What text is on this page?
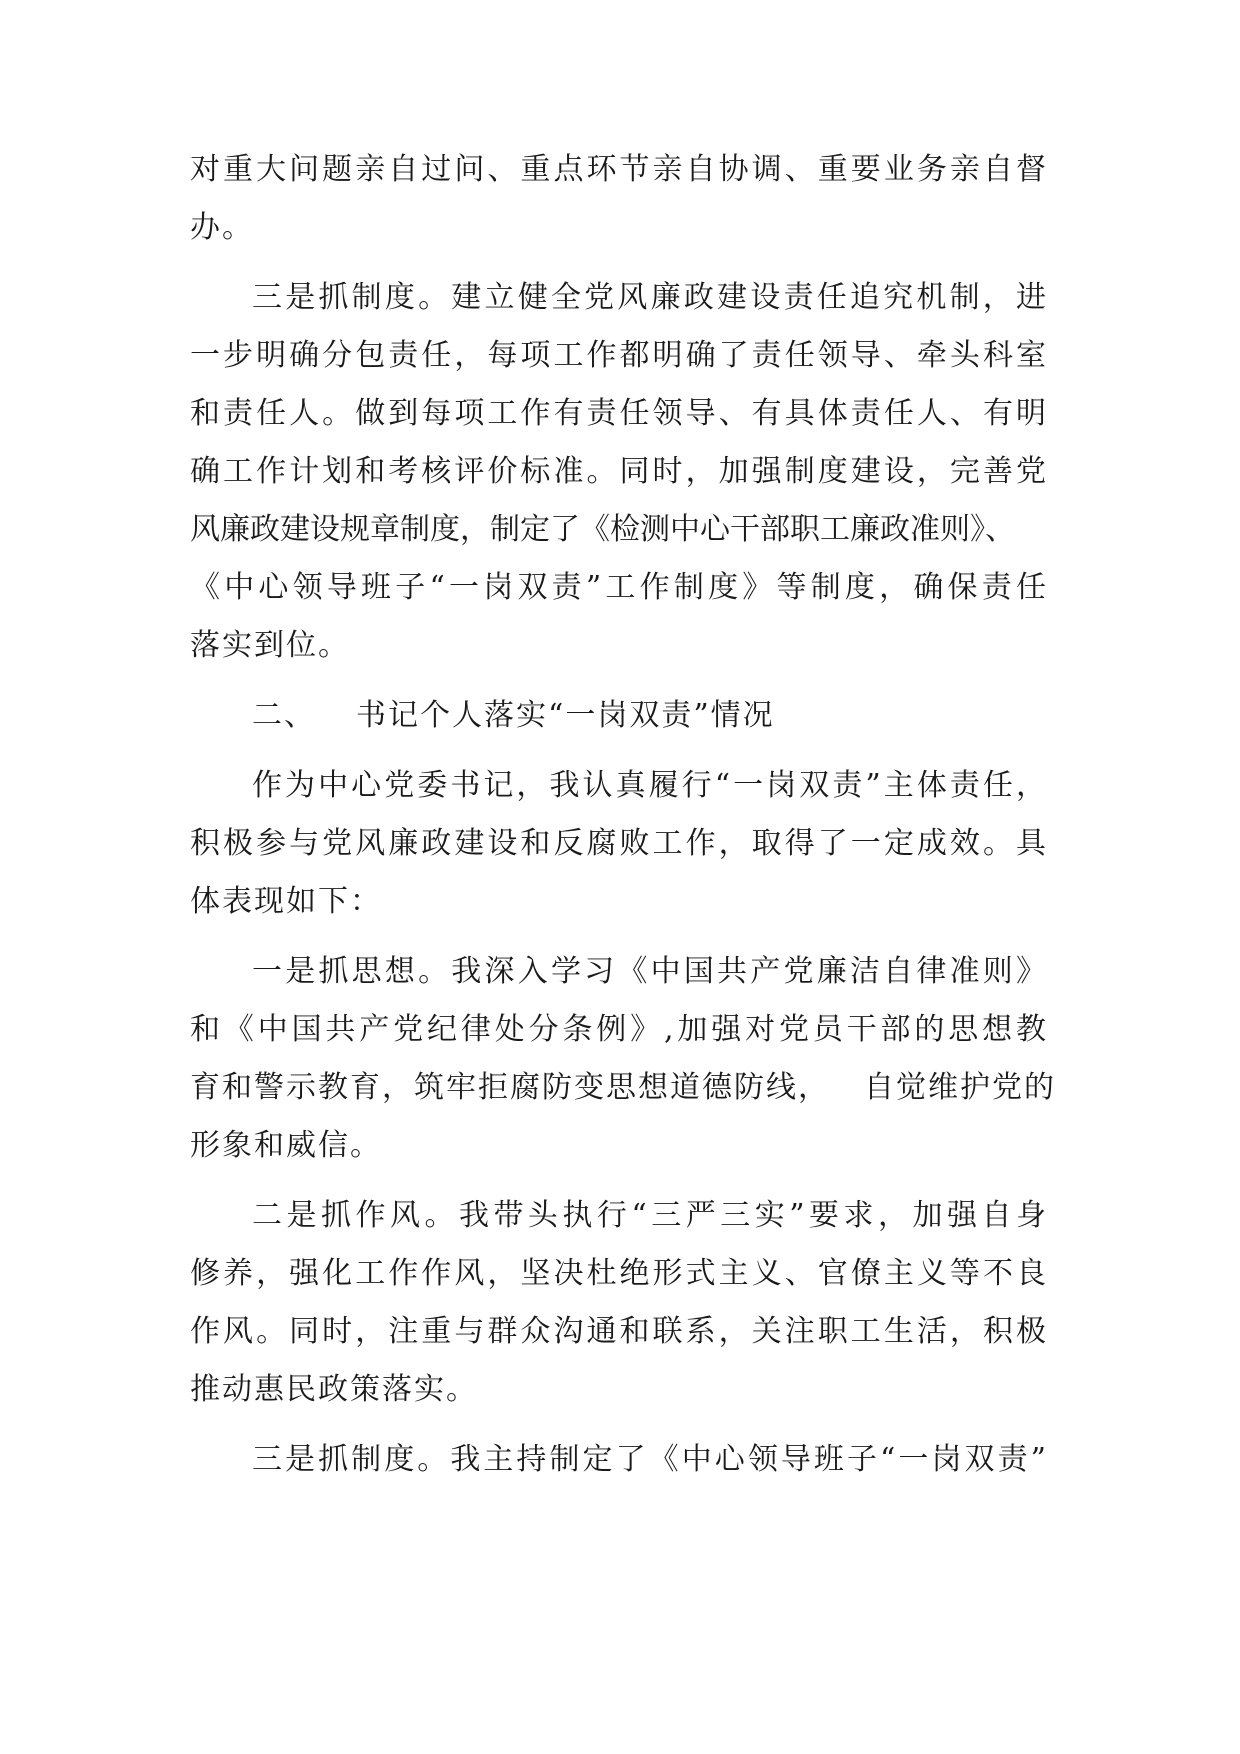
对重大问题亲自过问、重点环节亲自协调、重要业务亲自督
办。
三是抓制度。建立健全党风廉政建设责任追究机制，进
一步明确分包责任，每项工作都明确了责任领导、牵头科室
和责任人。做到每项工作有责任领导、有具体责任人、有明
确工作计划和考核评价标准。同时，加强制度建设，完善党
风廉政建设规章制度，制定了《检测中心干部职工廉政准则》、
《中心领导班子“一岗双责”工作制度》等制度，确保责任
落实到位。
二、 书记个人落实“一岗双责”情况
作为中心党委书记，我认真履行“一岗双责”主体责任，
积极参与党风廉政建设和反腐败工作，取得了一定成效。具
体表现如下：
一是抓思想。我深入学习《中国共产党廉洁自律准则》
和《中国共产党纪律处分条例》,加强对党员干部的思想教
育和警示教育，筑牢拒腐防变思想道德防线， 自觉维护党的
形象和威信。
二是抓作风。我带头执行“三严三实”要求，加强自身
修养，强化工作作风，坚决杜绝形式主义、官僚主义等不良
作风。同时，注重与群众沟通和联系，关注职工生活，积极
推动惠民政策落实。
三是抓制度。我主持制定了《中心领导班子“一岗双责”
